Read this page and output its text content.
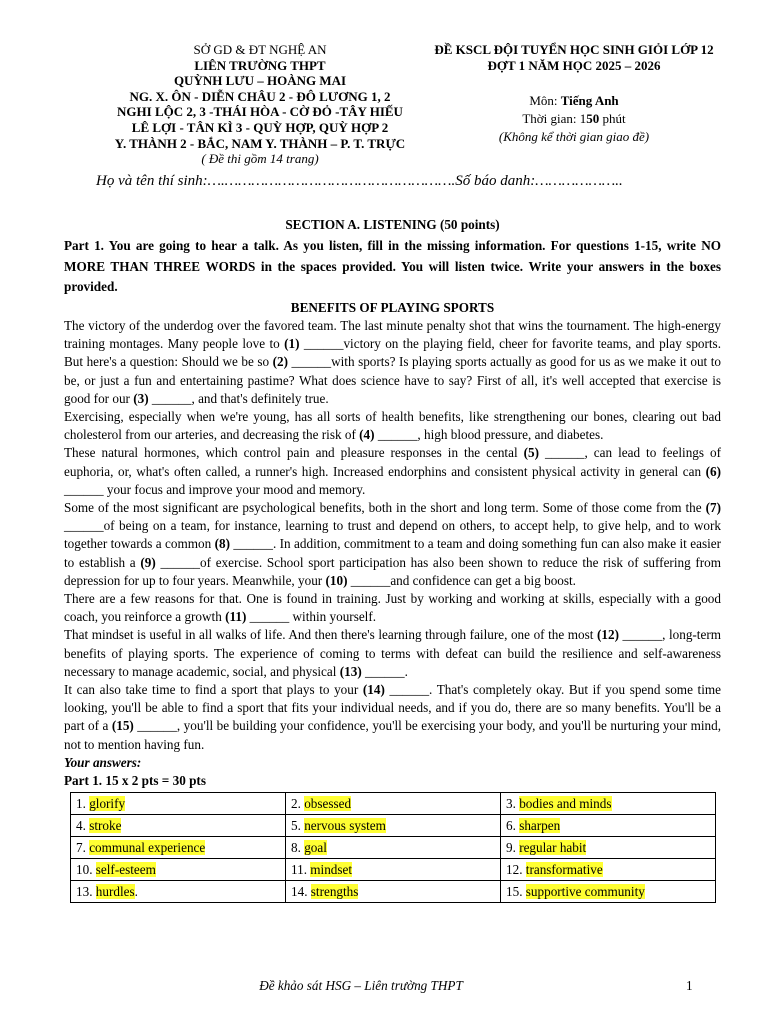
SỞ GD & ĐT NGHỆ AN
LIÊN TRƯỜNG THPT
QUỲNH LƯU – HOÀNG MAI
NG. X. ÔN - DIỄN CHÂU 2 - ĐÔ LƯƠNG 1, 2
NGHI LỘC 2, 3 -THÁI HÒA - CỜ ĐỎ -TÂY HIẾU
LÊ LỢI - TÂN KÌ 3 - QUỲ HỢP, QUỲ HỢP 2
Y. THÀNH 2 - BẮC, NAM Y. THÀNH – P. T. TRỰC
( Đề thi gồm 14 trang)
ĐỀ KSCL ĐỘI TUYỂN HỌC SINH GIỎI LỚP 12
ĐỢT 1 NĂM HỌC 2025 – 2026
Môn: Tiếng Anh
Thời gian: 150 phút
(Không kể thời gian giao đề)
Họ và tên thí sinh:….…………………………………………….Số báo danh:………………..
SECTION A. LISTENING (50 points)

Part 1. You are going to hear a talk. As you listen, fill in the missing information. For questions 1-15, write NO MORE THAN THREE WORDS in the spaces provided. You will listen twice. Write your answers in the boxes provided.

BENEFITS OF PLAYING SPORTS

The victory of the underdog over the favored team. The last minute penalty shot that wins the tournament. The high-energy training montages. Many people love to (1) ______victory on the playing field, cheer for favorite teams, and play sports. But here's a question: Should we be so (2) ______with sports? Is playing sports actually as good for us as we make it out to be, or just a fun and entertaining pastime? What does science have to say? First of all, it's well accepted that exercise is good for our (3) ______, and that's definitely true.

Exercising, especially when we're young, has all sorts of health benefits, like strengthening our bones, clearing out bad cholesterol from our arteries, and decreasing the risk of (4) ______, high blood pressure, and diabetes.

These natural hormones, which control pain and pleasure responses in the cental (5) ______, can lead to feelings of euphoria, or, what's often called, a runner's high. Increased endorphins and consistent physical activity in general can (6) ______ your focus and improve your mood and memory.

Some of the most significant are psychological benefits, both in the short and long term. Some of those come from the (7) ______of being on a team, for instance, learning to trust and depend on others, to accept help, to give help, and to work together towards a common (8) ______. In addition, commitment to a team and doing something fun can also make it easier to establish a (9) ______of exercise. School sport participation has also been shown to reduce the risk of suffering from depression for up to four years. Meanwhile, your (10) ______and confidence can get a big boost.

There are a few reasons for that. One is found in training. Just by working and working at skills, especially with a good coach, you reinforce a growth (11) ______ within yourself.

That mindset is useful in all walks of life. And then there's learning through failure, one of the most (12) ______, long-term benefits of playing sports. The experience of coming to terms with defeat can build the resilience and self-awareness necessary to manage academic, social, and physical (13) ______.

It can also take time to find a sport that plays to your (14) ______. That's completely okay. But if you spend some time looking, you'll be able to find a sport that fits your individual needs, and if you do, there are so many benefits. You'll be a part of a (15) ______, you'll be building your confidence, you'll be exercising your body, and you'll be nurturing your mind, not to mention having fun.

Your answers:
Part 1. 15 x 2 pts = 30 pts
1. glorify	2. obsessed	3. bodies and minds
4. stroke	5. nervous system	6. sharpen
7. communal experience	8. goal	9. regular habit
10. self-esteem	11. mindset	12. transformative
13. hurdles.	14. strengths	15. supportive community
Đề khảo sát HSG – Liên trường THPT	1
